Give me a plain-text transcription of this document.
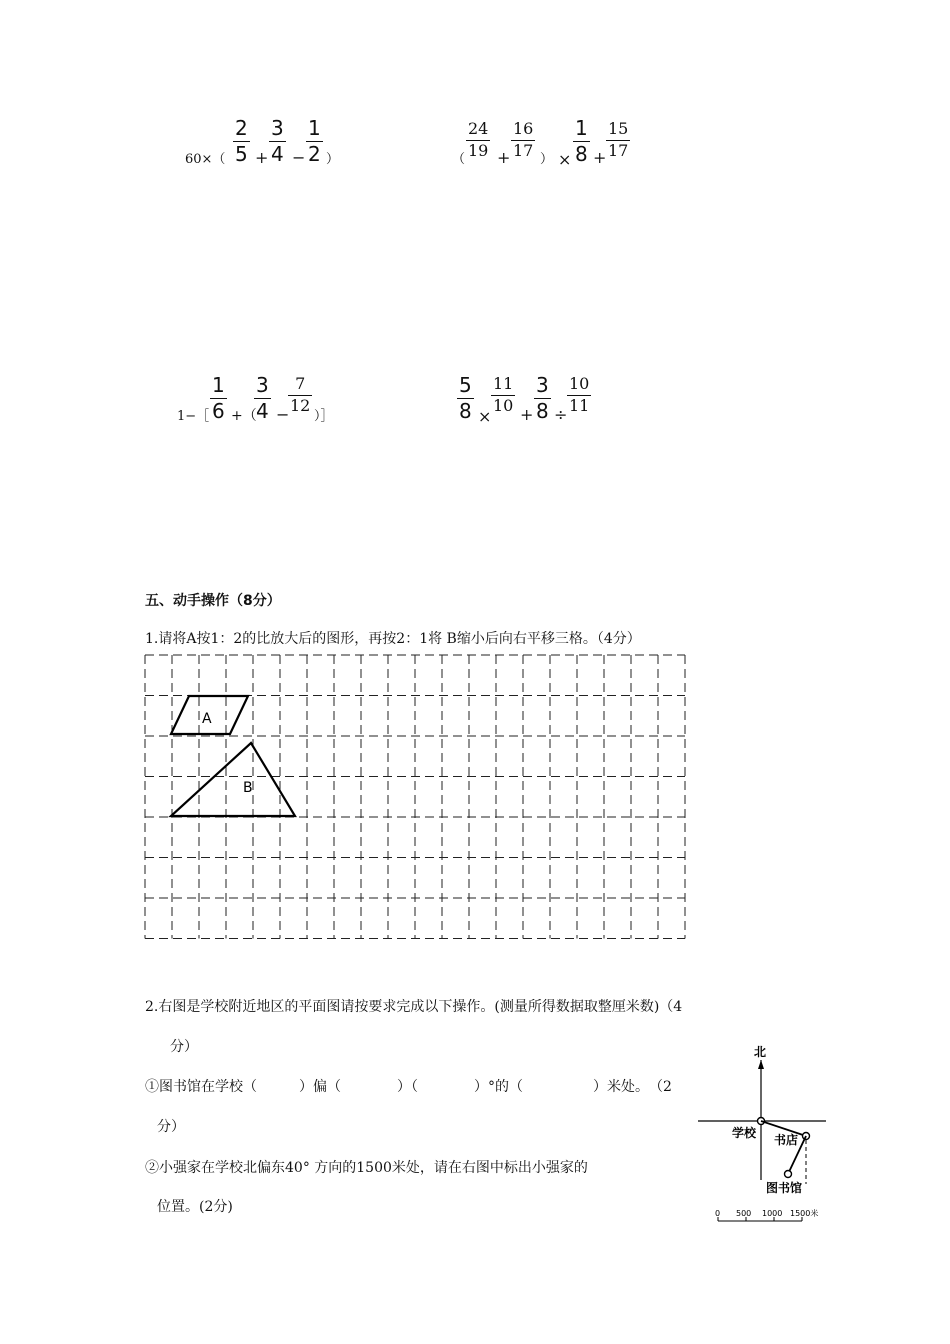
60×（
2
5 +
3
4 −
1
2 ）	（
24
19 +
16
17 ） ×
1
8 +
15
17
1−［
1
6 +（
3
4 −
7
12
）］
5
8 ×
11
10 +
3
8 ÷
10
11
五、动手操作（8分）
1.请将A按1：2的比放大后的图形，再按2：1将 B缩小后向右平移三格。（4分）
A
B
2.右图是学校附近地区的平面图请按要求完成以下操作。(测量所得数据取整厘米数)（4
分）
①图书馆在学校（　　　）偏（　　　　）（　　　　）°的（　　　　　）米处。　（2
分）
②小强家在学校北偏东40° 方向的1500米处，请在右图中标出小强家的
位置。(2分)
北
学校 书店
图书馆
0 500 1000 1500米
